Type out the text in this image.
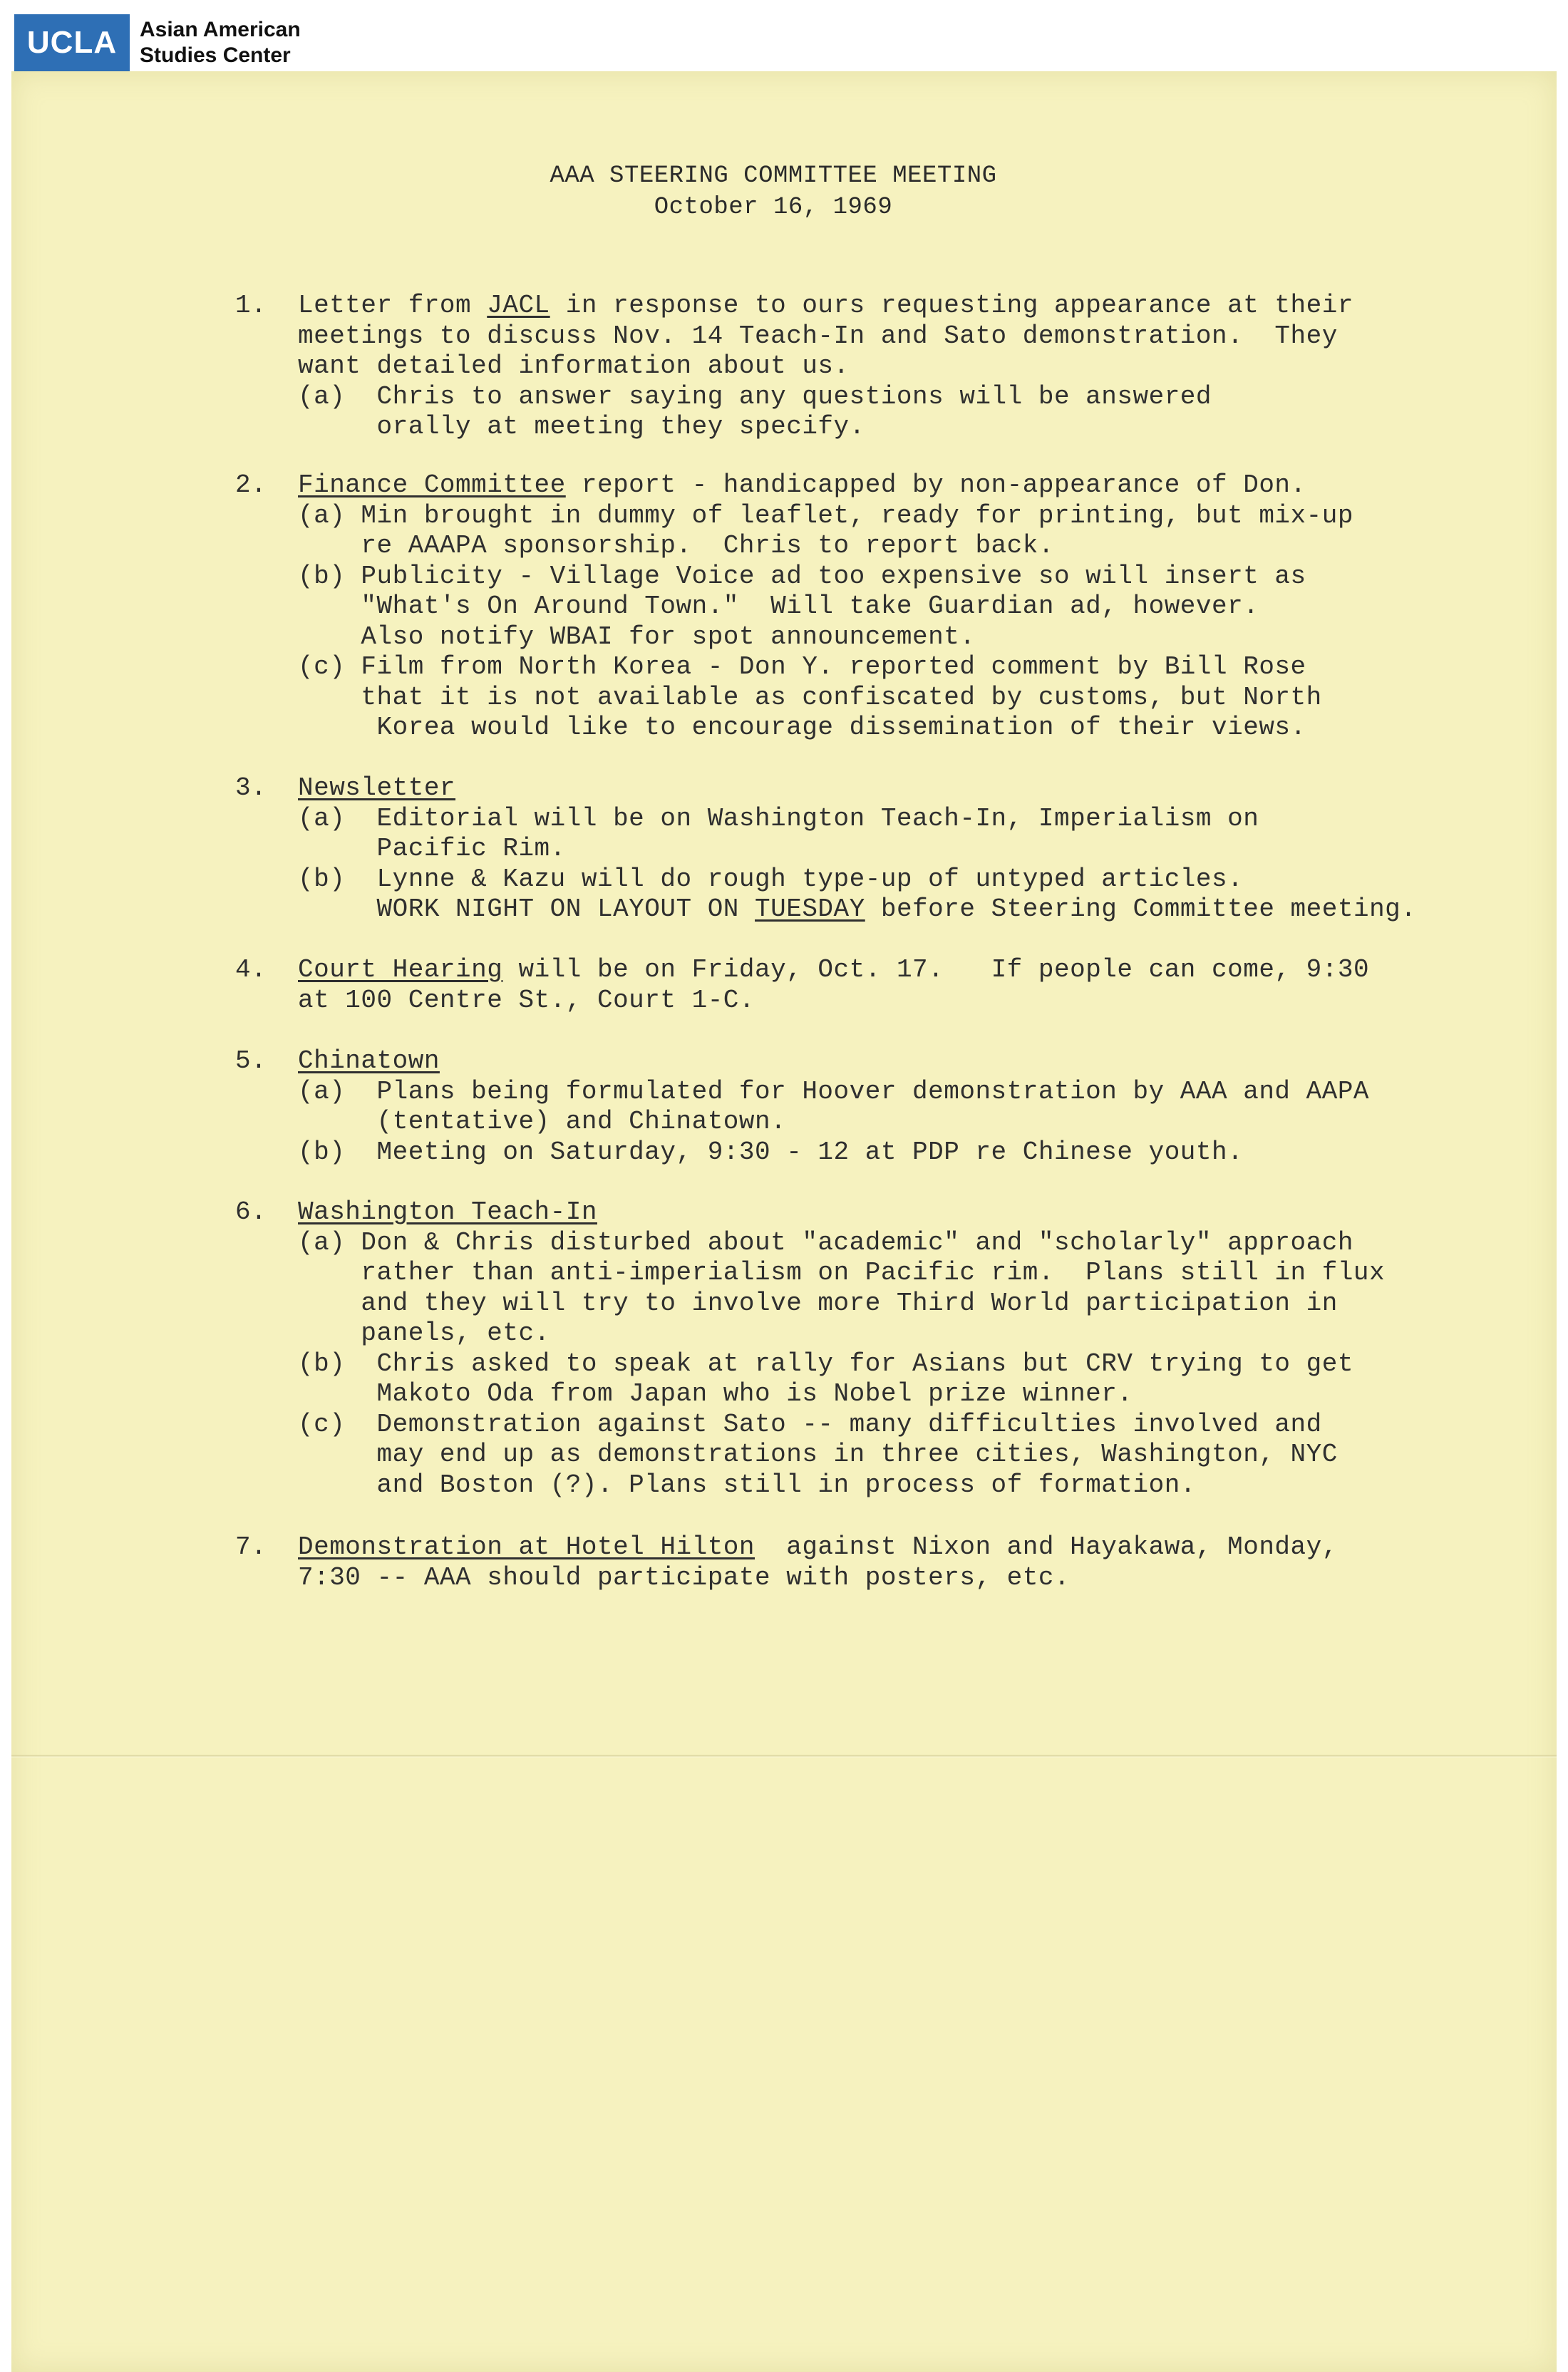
UCLA	Asian American
Studies Center
AAA STEERING COMMITTEE MEETING
October 16, 1969
1. Letter from JACL in response to ours requesting appearance at their
meetings to discuss Nov. 14 Teach-In and Sato demonstration.  They
want detailed information about us.
(a)  Chris to answer saying any questions will be answered
orally at meeting they specify.
2. Finance Committee report - handicapped by non-appearance of Don.
(a) Min brought in dummy of leaflet, ready for printing, but mix-up
re AAAPA sponsorship.  Chris to report back.
(b) Publicity - Village Voice ad too expensive so will insert as
"What's On Around Town."  Will take Guardian ad, however.
Also notify WBAI for spot announcement.
(c) Film from North Korea - Don Y. reported comment by Bill Rose
that it is not available as confiscated by customs, but North
Korea would like to encourage dissemination of their views.
3. Newsletter
(a)  Editorial will be on Washington Teach-In, Imperialism on
Pacific Rim.
(b)  Lynne & Kazu will do rough type-up of untyped articles.
WORK NIGHT ON LAYOUT ON TUESDAY before Steering Committee meeting.
4. Court Hearing will be on Friday, Oct. 17.   If people can come, 9:30
at 100 Centre St., Court 1-C.
5. Chinatown
(a)  Plans being formulated for Hoover demonstration by AAA and AAPA
(tentative) and Chinatown.
(b)  Meeting on Saturday, 9:30 - 12 at PDP re Chinese youth.
6. Washington Teach-In
(a) Don & Chris disturbed about "academic" and "scholarly" approach
rather than anti-imperialism on Pacific rim.  Plans still in flux
and they will try to involve more Third World participation in
panels, etc.
(b)  Chris asked to speak at rally for Asians but CRV trying to get
Makoto Oda from Japan who is Nobel prize winner.
(c)  Demonstration against Sato -- many difficulties involved and
may end up as demonstrations in three cities, Washington, NYC
and Boston (?). Plans still in process of formation.
7. Demonstration at Hotel Hilton  against Nixon and Hayakawa, Monday,
7:30 -- AAA should participate with posters, etc.
